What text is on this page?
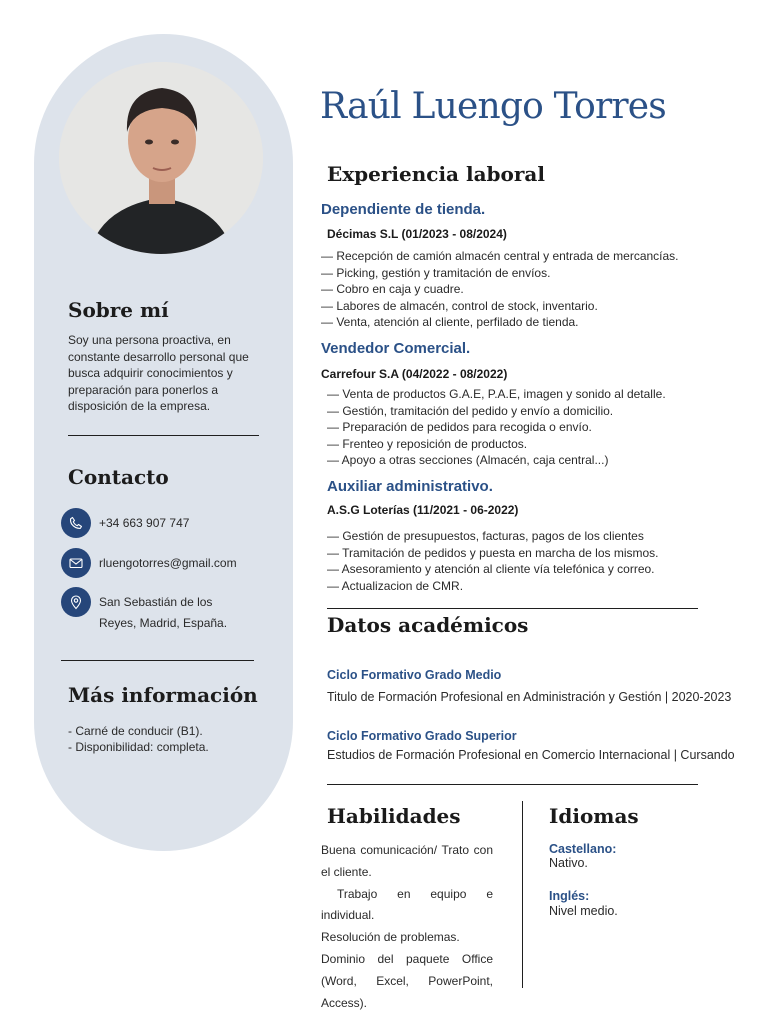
Sobre mí
Soy una persona proactiva, en constante desarrollo personal que busca adquirir conocimientos y preparación para ponerlos a disposición de la empresa.
Contacto
+34 663 907 747
rluengotorres@gmail.com
San Sebastián de los
Reyes, Madrid, España.
Más información
- Carné de conducir (B1).
- Disponibilidad: completa.
Raúl Luengo Torres
Experiencia laboral
Dependiente de tienda.
Décimas S.L (01/2023 - 08/2024)
— Recepción de camión almacén central y entrada de mercancías.
— Picking, gestión y tramitación de envíos.
— Cobro en caja y cuadre.
— Labores de almacén, control de stock, inventario.
— Venta, atención al cliente, perfilado de tienda.
Vendedor Comercial.
Carrefour S.A (04/2022 - 08/2022)
— Venta de productos G.A.E, P.A.E, imagen y sonido al detalle.
— Gestión, tramitación del pedido y envío a domicilio.
— Preparación de pedidos para recogida o envío.
— Frenteo y reposición de productos.
— Apoyo a otras secciones (Almacén, caja central...)
Auxiliar administrativo.
A.S.G Loterías (11/2021 - 06-2022)
— Gestión de presupuestos, facturas, pagos de los clientes
— Tramitación de pedidos y puesta en marcha de los mismos.
— Asesoramiento y atención al cliente vía telefónica y correo.
— Actualizacion de CMR.
Datos académicos
Ciclo Formativo Grado Medio
Titulo de Formación Profesional en Administración y Gestión | 2020-2023
Ciclo Formativo Grado Superior
Estudios de Formación Profesional en Comercio Internacional | Cursando
Habilidades

Buena comunicación/ Trato con el cliente.

Trabajo en equipo e individual.

Resolución de problemas.

Dominio del paquete Office (Word, Excel, PowerPoint, Access).

Idiomas
Castellano:
Nativo.
Inglés:
Nivel medio.
